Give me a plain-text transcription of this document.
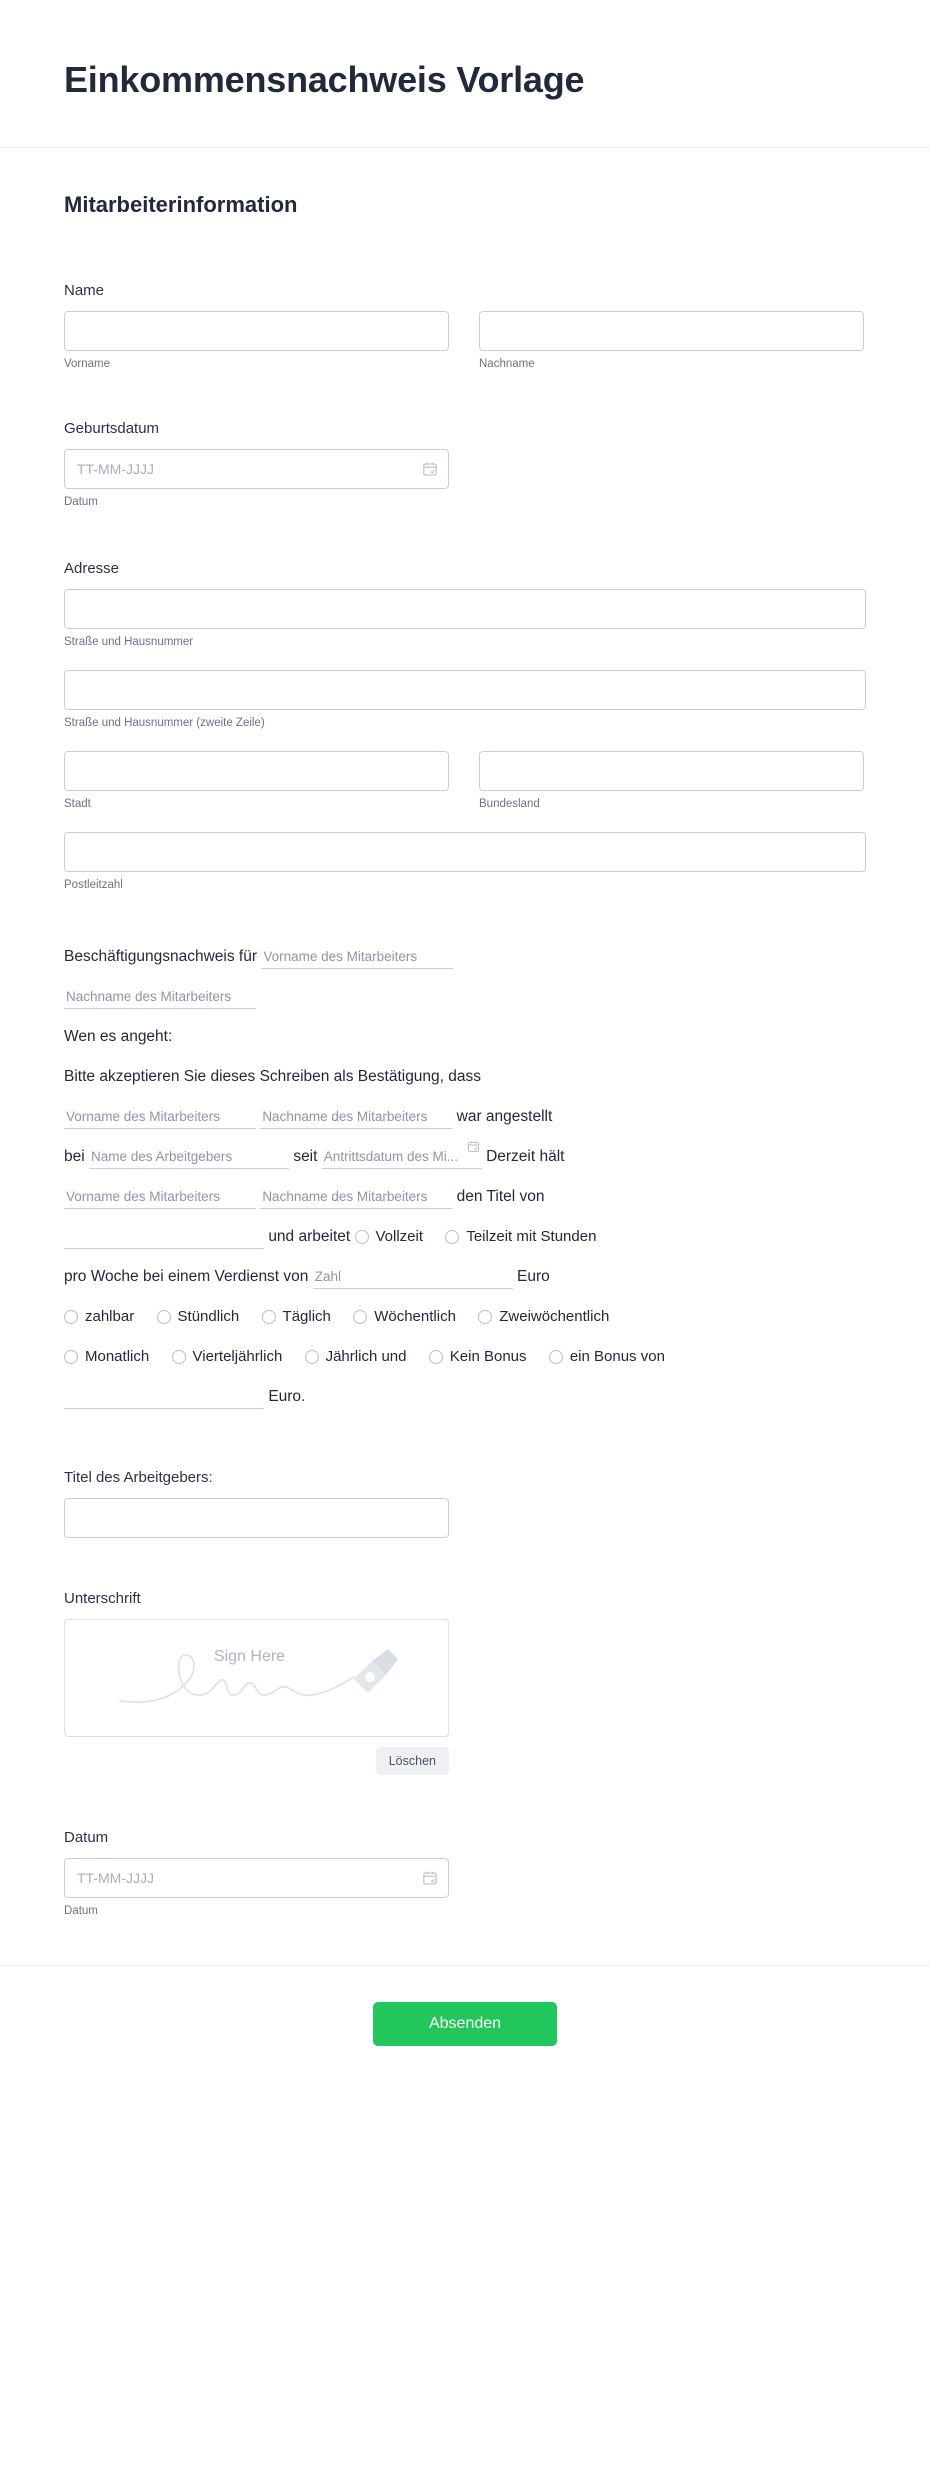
Einkommensnachweis Vorlage
Mitarbeiterinformation
Name
Vorname	Nachname
Geburtsdatum
TT-MM-JJJJ
Datum
Adresse
Straße und Hausnummer
Straße und Hausnummer (zweite Zeile)
Stadt	Bundesland
Postleitzahl
Beschäftigungsnachweis für Vorname des Mitarbeiters
Nachname des Mitarbeiters
Wen es angeht:
Bitte akzeptieren Sie dieses Schreiben als Bestätigung, dass
Vorname des Mitarbeiters Nachname des Mitarbeiters war angestellt
bei Name des Arbeitgebers	seit Antrittsdatum des Mi...	Derzeit hält
Vorname des Mitarbeiters Nachname des Mitarbeiters den Titel von
und arbeitet Vollzeit
	Teilzeit mit Stunden
pro Woche bei einem Verdienst von Zahl	Euro
zahlbar
	Stündlich
	Täglich
	Wöchentlich
	Zweiwöchentlich
Monatlich
	Vierteljährlich
	Jährlich und
	Kein Bonus
	ein Bonus von
Euro.
Titel des Arbeitgebers:
Unterschrift
Sign Here
Löschen
Datum
TT-MM-JJJJ
Datum
Absenden
